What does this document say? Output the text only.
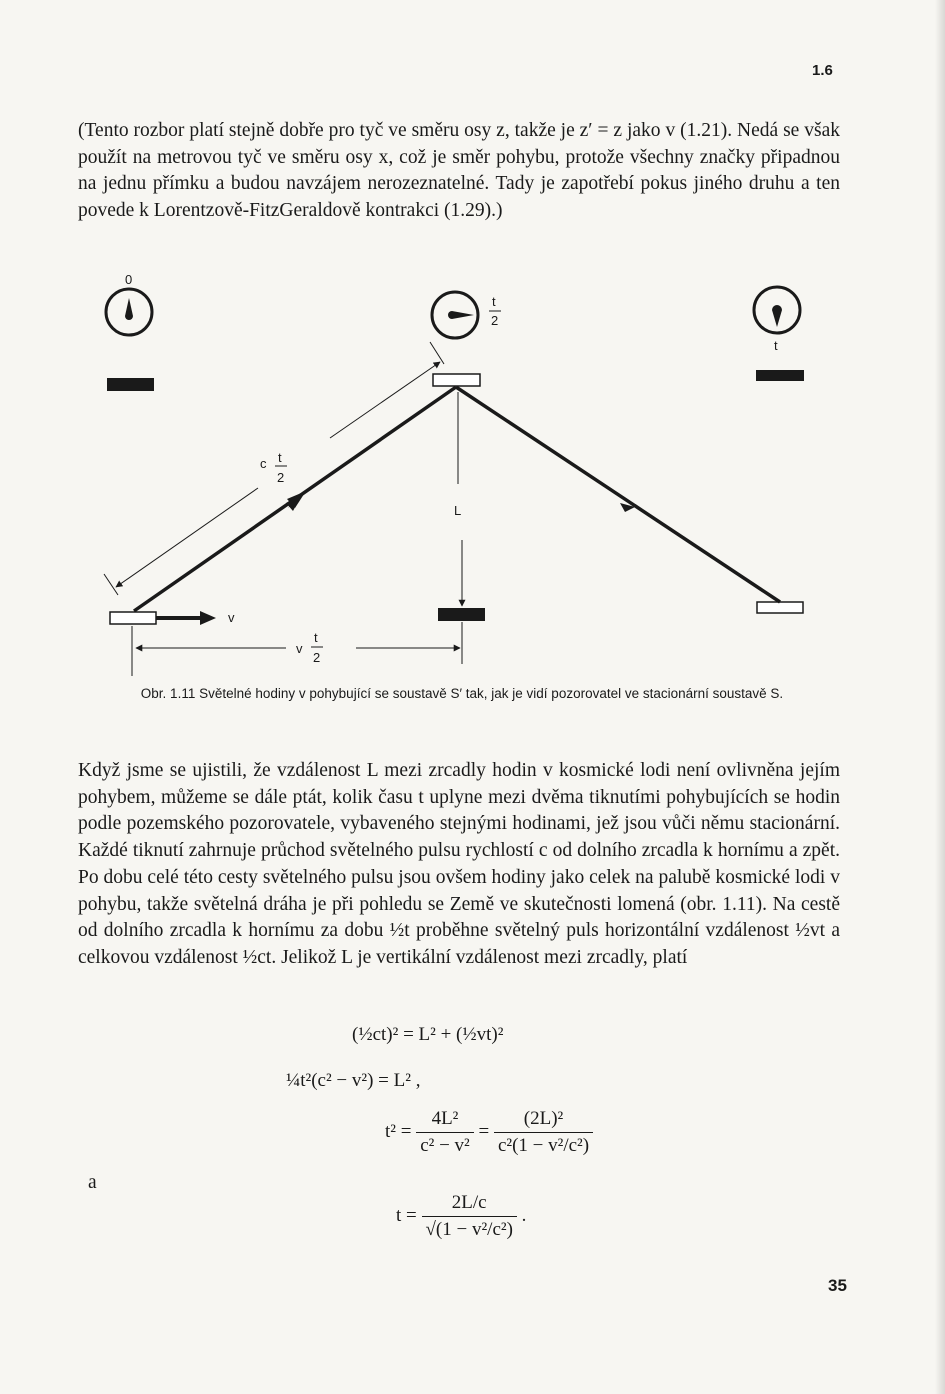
1.6

(Tento rozbor platí stejně dobře pro tyč ve směru osy z, takže je z′ = z jako v (1.21). Nedá se však použít na metrovou tyč ve směru osy x, což je směr pohybu, protože všechny značky připadnou na jednu přímku a budou navzájem nerozeznatelné. Tady je zapotřebí pokus jiného druhu a ten povede k Lorentzově-FitzGeraldově kontrakci (1.29).)

0
t
2
t
c t
2
L
v
v
t
2
Obr. 1.11 Světelné hodiny v pohybující se soustavě S′ tak, jak je vidí pozorovatel ve stacionární soustavě S.

Když jsme se ujistili, že vzdálenost L mezi zrcadly hodin v kosmické lodi není ovlivněna jejím pohybem, můžeme se dále ptát, kolik času t uplyne mezi dvěma tiknutími pohybujících se hodin podle pozemského pozorovatele, vybaveného stejnými hodinami, jež jsou vůči němu stacionární. Každé tiknutí zahrnuje průchod světelného pulsu rychlostí c od dolního zrcadla k hornímu a zpět. Po dobu celé této cesty světelného pulsu jsou ovšem hodiny jako celek na palubě kosmické lodi v pohybu, takže světelná dráha je při pohledu se Země ve skutečnosti lomená (obr. 1.11). Na cestě od dolního zrcadla k hornímu za dobu ½t proběhne světelný puls horizontální vzdálenost ½vt a celkovou vzdálenost ½ct. Jelikož L je vertikální vzdálenost mezi zrcadly, platí

(½ct)² = L² + (½vt)²
¼t²(c² − v²) = L² ,
$t^2 = \frac{\text{4L²}}{\text{c² − v²}} = \frac{\text{(2L)²}}{\text{c²(1 − v²/c²)}}$
a
$t = \frac{2L/c}{\text{√(1 − v²/c²)}}$ .
35
